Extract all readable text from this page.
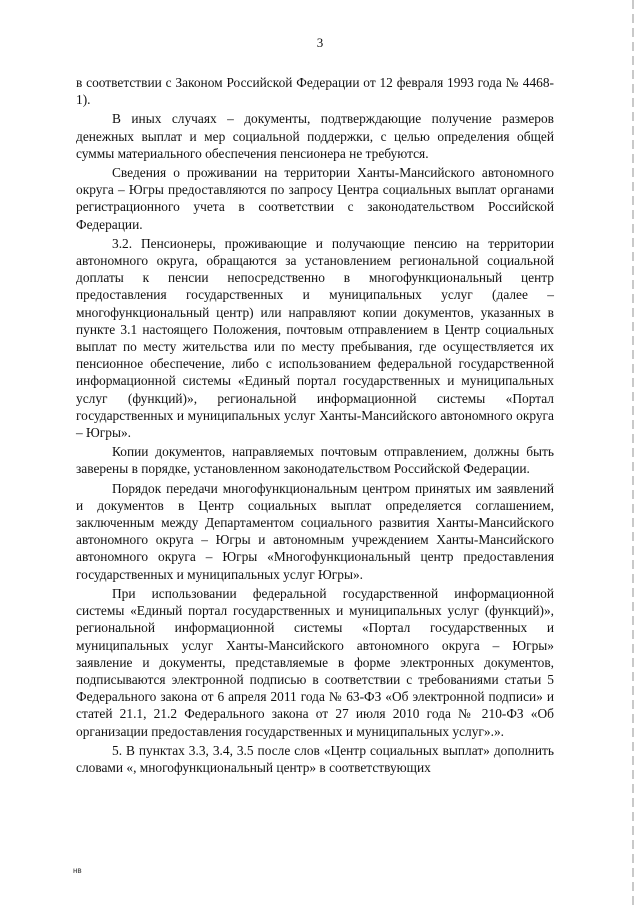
3

в соответствии с Законом Российской Федерации от 12 февраля 1993 года № 4468-1).

В иных случаях – документы, подтверждающие получение размеров денежных выплат и мер социальной поддержки, с целью определения общей суммы материального обеспечения пенсионера не требуются.

Сведения о проживании на территории Ханты-Мансийского автономного округа – Югры предоставляются по запросу Центра социальных выплат органами регистрационного учета в соответствии с законодательством Российской Федерации.

3.2. Пенсионеры, проживающие и получающие пенсию на территории автономного округа, обращаются за установлением региональной социальной доплаты к пенсии непосредственно в многофункциональный центр предоставления государственных и муниципальных услуг (далее – многофункциональный центр) или направляют копии документов, указанных в пункте 3.1 настоящего Положения, почтовым отправлением в Центр социальных выплат по месту жительства или по месту пребывания, где осуществляется их пенсионное обеспечение, либо с использованием федеральной государственной информационной системы «Единый портал государственных и муниципальных услуг (функций)», региональной информационной системы «Портал государственных и муниципальных услуг Ханты-Мансийского автономного округа – Югры».

Копии документов, направляемых почтовым отправлением, должны быть заверены в порядке, установленном законодательством Российской Федерации.

Порядок передачи многофункциональным центром принятых им заявлений и документов в Центр социальных выплат определяется соглашением, заключенным между Департаментом социального развития Ханты-Мансийского автономного округа – Югры и автономным учреждением Ханты-Мансийского автономного округа – Югры «Многофункциональный центр предоставления государственных и муниципальных услуг Югры».

При использовании федеральной государственной информационной системы «Единый портал государственных и муниципальных услуг (функций)», региональной информационной системы «Портал государственных и муниципальных услуг Ханты-Мансийского автономного округа – Югры» заявление и документы, представляемые в форме электронных документов, подписываются электронной подписью в соответствии с требованиями статьи 5 Федерального закона от 6 апреля 2011 года № 63-ФЗ «Об электронной подписи» и статей 21.1, 21.2 Федерального закона от 27 июля 2010 года № 210-ФЗ «Об организации предоставления государственных и муниципальных услуг».».

5. В пунктах 3.3, 3.4, 3.5 после слов «Центр социальных выплат» дополнить словами «, многофункциональный центр» в соответствующих

нв
